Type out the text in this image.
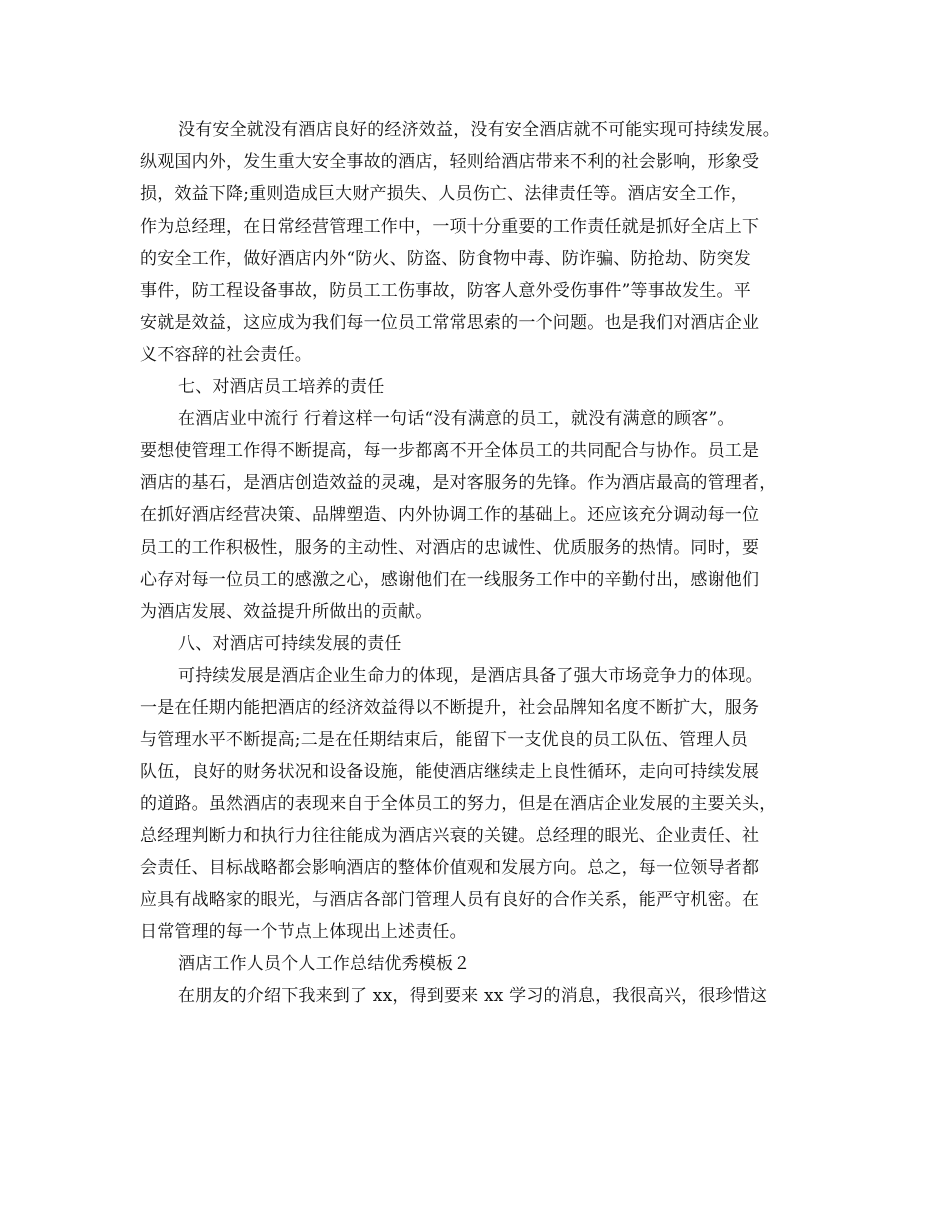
没有安全就没有酒店良好的经济效益，没有安全酒店就不可能实现可持续发展。
纵观国内外，发生重大安全事故的酒店，轻则给酒店带来不利的社会影响，形象受
损，效益下降;重则造成巨大财产损失、人员伤亡、法律责任等。酒店安全工作，
作为总经理，在日常经营管理工作中，一项十分重要的工作责任就是抓好全店上下
的安全工作，做好酒店内外“防火、防盗、防食物中毒、防诈骗、防抢劫、防突发
事件，防工程设备事故，防员工工伤事故，防客人意外受伤事件”等事故发生。平
安就是效益，这应成为我们每一位员工常常思索的一个问题。也是我们对酒店企业
义不容辞的社会责任。
七、对酒店员工培养的责任
在酒店业中流行 行着这样一句话“没有满意的员工，就没有满意的顾客”。
要想使管理工作得不断提高，每一步都离不开全体员工的共同配合与协作。员工是
酒店的基石，是酒店创造效益的灵魂，是对客服务的先锋。作为酒店最高的管理者，
在抓好酒店经营决策、品牌塑造、内外协调工作的基础上。还应该充分调动每一位
员工的工作积极性，服务的主动性、对酒店的忠诚性、优质服务的热情。同时，要
心存对每一位员工的感激之心，感谢他们在一线服务工作中的辛勤付出，感谢他们
为酒店发展、效益提升所做出的贡献。
八、对酒店可持续发展的责任
可持续发展是酒店企业生命力的体现，是酒店具备了强大市场竞争力的体现。
一是在任期内能把酒店的经济效益得以不断提升，社会品牌知名度不断扩大，服务
与管理水平不断提高;二是在任期结束后，能留下一支优良的员工队伍、管理人员
队伍，良好的财务状况和设备设施，能使酒店继续走上良性循环，走向可持续发展
的道路。虽然酒店的表现来自于全体员工的努力，但是在酒店企业发展的主要关头，
总经理判断力和执行力往往能成为酒店兴衰的关键。总经理的眼光、企业责任、社
会责任、目标战略都会影响酒店的整体价值观和发展方向。总之，每一位领导者都
应具有战略家的眼光，与酒店各部门管理人员有良好的合作关系，能严守机密。在
日常管理的每一个节点上体现出上述责任。
酒店工作人员个人工作总结优秀模板２
在朋友的介绍下我来到了 xx，得到要来 xx 学习的消息，我很高兴，很珍惜这
